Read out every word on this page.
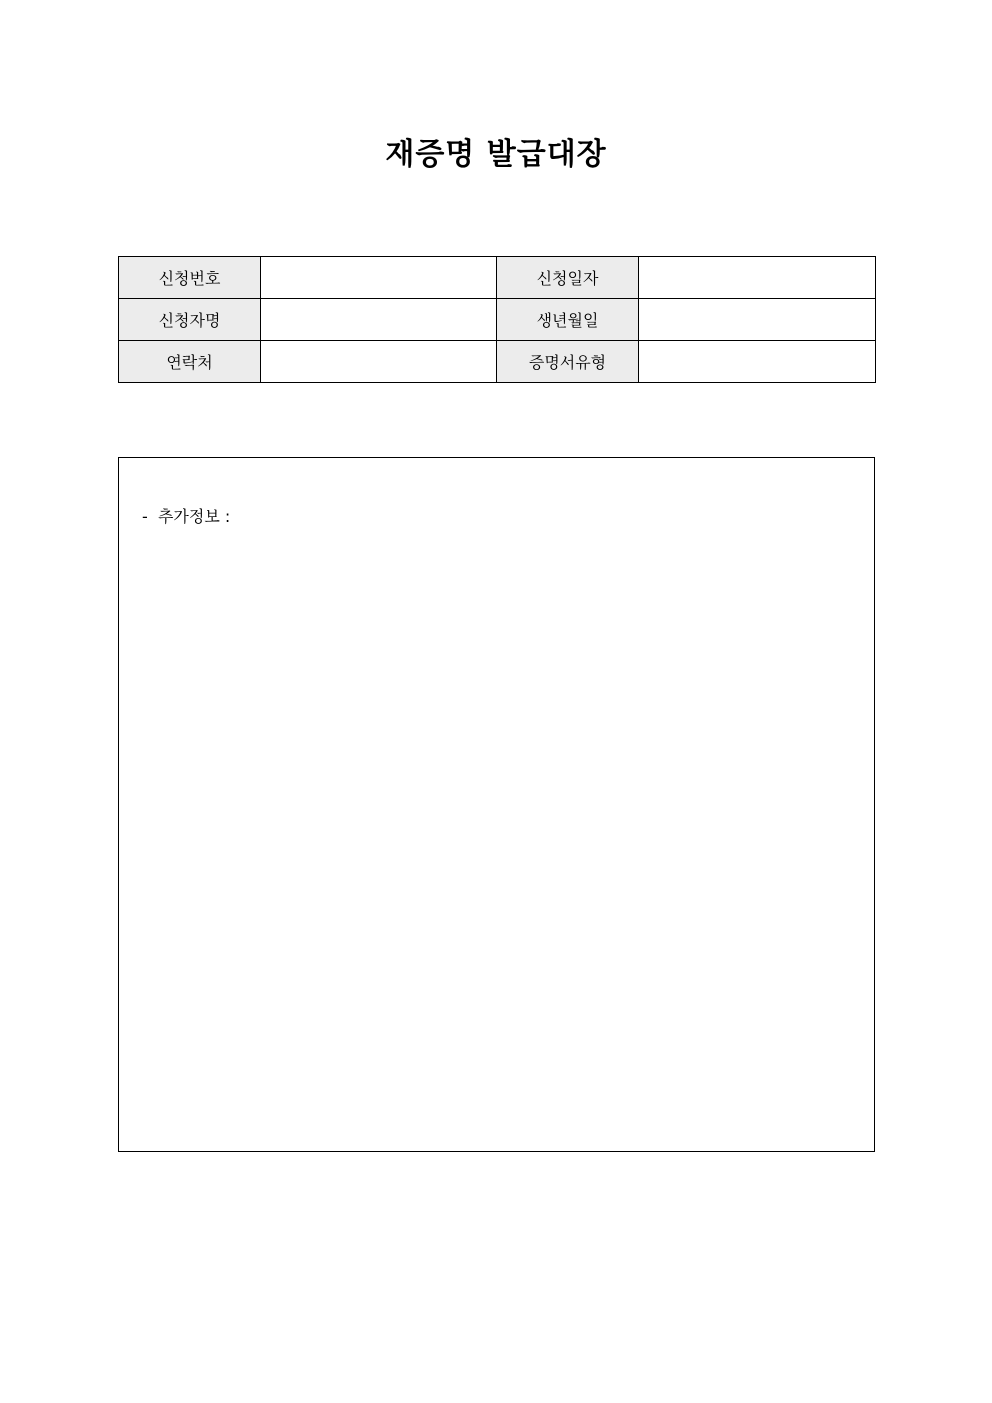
재증명 발급대장
신청번호		신청일자	
신청자명		생년월일	
연락처		증명서유형	
- 추가정보 :
